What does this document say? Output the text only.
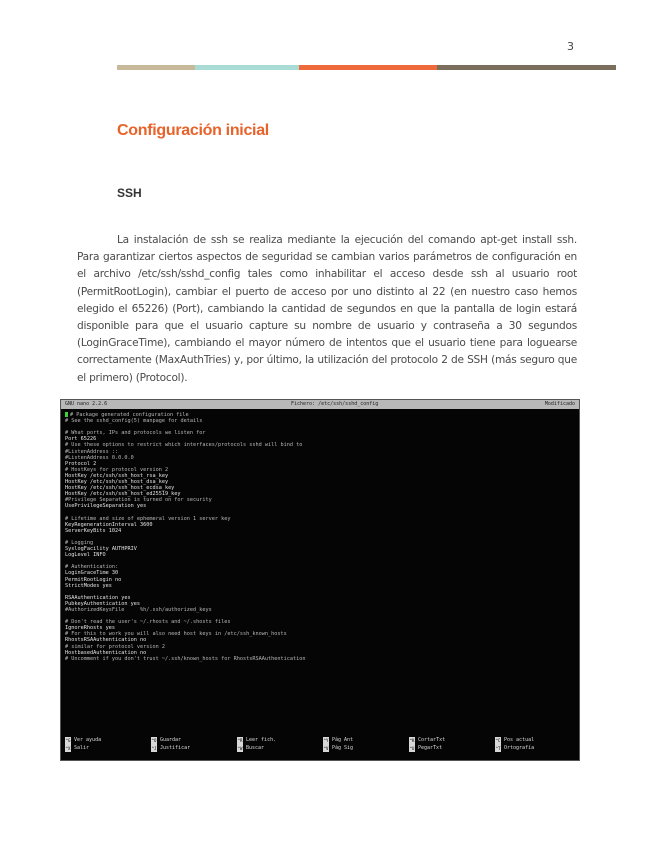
3
Configuración inicial
SSH

La instalación de ssh se realiza mediante la ejecución del comando apt-get install ssh. Para garantizar ciertos aspectos de seguridad se cambian varios parámetros de configuración en el archivo /etc/ssh/sshd_config tales como inhabilitar el acceso desde ssh al usuario root (PermitRootLogin), cambiar el puerto de acceso por uno distinto al 22 (en nuestro caso hemos elegido el 65226) (Port), cambiando la cantidad de segundos en que la pantalla de login estará disponible para que el usuario capture su nombre de usuario y contraseña a 30 segundos (LoginGraceTime), cambiando el mayor número de intentos que el usuario tiene para loguearse correctamente (MaxAuthTries) y, por último, la utilización del protocolo 2 de SSH (más seguro que el primero) (Protocol).

GNU nano 2.2.6	Fichero: /etc/ssh/sshd_config	Modificado
# Package generated configuration file
# See the sshd_config(5) manpage for details
# What ports, IPs and protocols we listen for
Port 65226
# Use these options to restrict which interfaces/protocols sshd will bind to
#ListenAddress ::
#ListenAddress 0.0.0.0
Protocol 2
# HostKeys for protocol version 2
HostKey /etc/ssh/ssh_host_rsa_key
HostKey /etc/ssh/ssh_host_dsa_key
HostKey /etc/ssh/ssh_host_ecdsa_key
HostKey /etc/ssh/ssh_host_ed25519_key
#Privilege Separation is turned on for security
UsePrivilegeSeparation yes
# Lifetime and size of ephemeral version 1 server key
KeyRegenerationInterval 3600
ServerKeyBits 1024
# Logging
SyslogFacility AUTHPRIV
LogLevel INFO
# Authentication:
LoginGraceTime 30
PermitRootLogin no
StrictModes yes
RSAAuthentication yes
PubkeyAuthentication yes
#AuthorizedKeysFile     %h/.ssh/authorized_keys
# Don't read the user's ~/.rhosts and ~/.shosts files
IgnoreRhosts yes
# For this to work you will also need host keys in /etc/ssh_known_hosts
RhostsRSAAuthentication no
# similar for protocol version 2
HostbasedAuthentication no
# Uncomment if you don't trust ~/.ssh/known_hosts for RhostsRSAAuthentication
^G
^X
Ver ayuda
Salir
^O
^J
Guardar
Justificar
^R
^W
Leer fich.
Buscar
^Y
^V
Pág Ant
Pág Sig
^K
^U
CortarTxt
PegarTxt
^C
^T
Pos actual
Ortografía
